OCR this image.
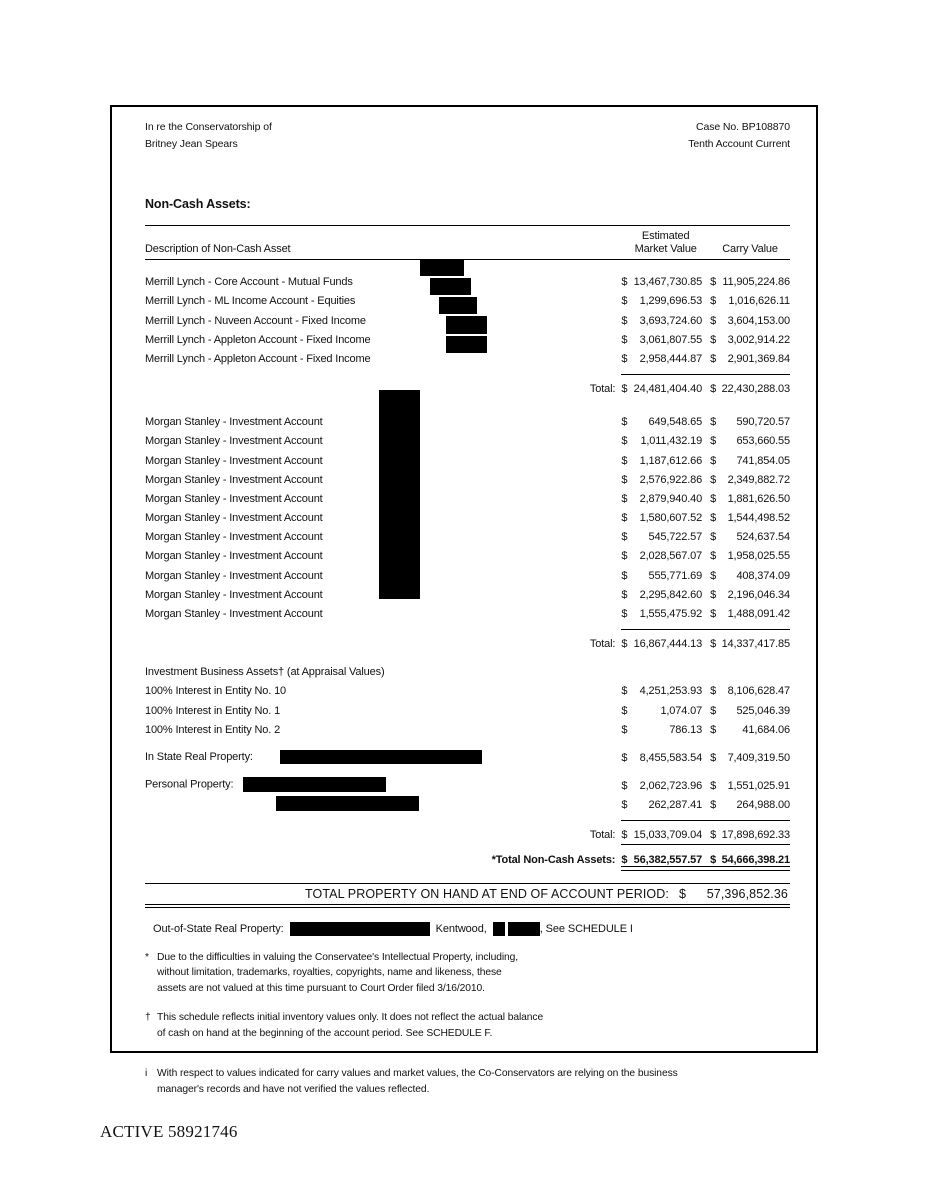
In re the Conservatorship of
Britney Jean Spears
Case No. BP108870
Tenth Account Current
Non-Cash Assets:

		Estimated			
Description of Non-Cash Asset		Market Value		Carry Value	

Merrill Lynch - Core Account - Mutual Funds		$	13,467,730.85	$	11,905,224.86
Merrill Lynch - ML Income Account - Equities		$	1,299,696.53	$	1,016,626.11
Merrill Lynch - Nuveen Account - Fixed Income		$	3,693,724.60	$	3,604,153.00
Merrill Lynch - Appleton Account - Fixed Income		$	3,061,807.55	$	3,002,914.22
Merrill Lynch - Appleton Account - Fixed Income		$	2,958,444.87	$	2,901,369.84

	Total:	$	24,481,404.40	$	22,430,288.03

Morgan Stanley - Investment Account		$	649,548.65	$	590,720.57
Morgan Stanley - Investment Account		$	1,011,432.19	$	653,660.55
Morgan Stanley - Investment Account		$	1,187,612.66	$	741,854.05
Morgan Stanley - Investment Account		$	2,576,922.86	$	2,349,882.72
Morgan Stanley - Investment Account		$	2,879,940.40	$	1,881,626.50
Morgan Stanley - Investment Account		$	1,580,607.52	$	1,544,498.52
Morgan Stanley - Investment Account		$	545,722.57	$	524,637.54
Morgan Stanley - Investment Account		$	2,028,567.07	$	1,958,025.55
Morgan Stanley - Investment Account		$	555,771.69	$	408,374.09
Morgan Stanley - Investment Account		$	2,295,842.60	$	2,196,046.34
Morgan Stanley - Investment Account		$	1,555,475.92	$	1,488,091.42

	Total:	$	16,867,444.13	$	14,337,417.85

Investment Business Assets† (at Appraisal Values)					
100% Interest in Entity No. 10		$	4,251,253.93	$	8,106,628.47
100% Interest in Entity No. 1		$	1,074.07	$	525,046.39
100% Interest in Entity No. 2		$	786.13	$	41,684.06

In State Real Property:		$	8,455,583.54	$	7,409,319.50

Personal Property:		$	2,062,723.96	$	1,551,025.91
		$	262,287.41	$	264,988.00

	Total:	$	15,033,709.04	$	17,898,692.33

	*Total Non-Cash Assets:	$	56,382,557.57	$	54,666,398.21

TOTAL PROPERTY ON HAND AT END OF ACCOUNT PERIOD: $	57,396,852.36
Out-of-State Real Property:	Kentwood,	, See SCHEDULE I
* Due to the difficulties in valuing the Conservatee's Intellectual Property, including,
without limitation, trademarks, royalties, copyrights, name and likeness, these
assets are not valued at this time pursuant to Court Order filed 3/16/2010.
† This schedule reflects initial inventory values only. It does not reflect the actual balance
of cash on hand at the beginning of the account period. See SCHEDULE F.
i With respect to values indicated for carry values and market values, the Co-Conservators are relying on the business
manager's records and have not verified the values reflected.
ACTIVE 58921746
